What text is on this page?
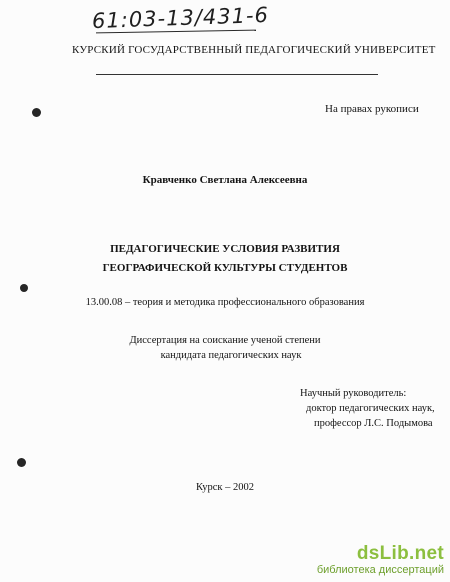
61:03-13/431-6
КУРСКИЙ ГОСУДАРСТВЕННЫЙ ПЕДАГОГИЧЕСКИЙ УНИВЕРСИТЕТ
На правах рукописи
Кравченко Светлана Алексеевна
ПЕДАГОГИЧЕСКИЕ УСЛОВИЯ РАЗВИТИЯ
ГЕОГРАФИЧЕСКОЙ КУЛЬТУРЫ СТУДЕНТОВ
13.00.08 – теория и методика профессионального образования
Диссертация на соискание ученой степени
кандидата педагогических наук
Научный руководитель:
доктор педагогических наук,
профессор Л.С. Подымова
Курск – 2002
dsLib.net
библиотека диссертаций
